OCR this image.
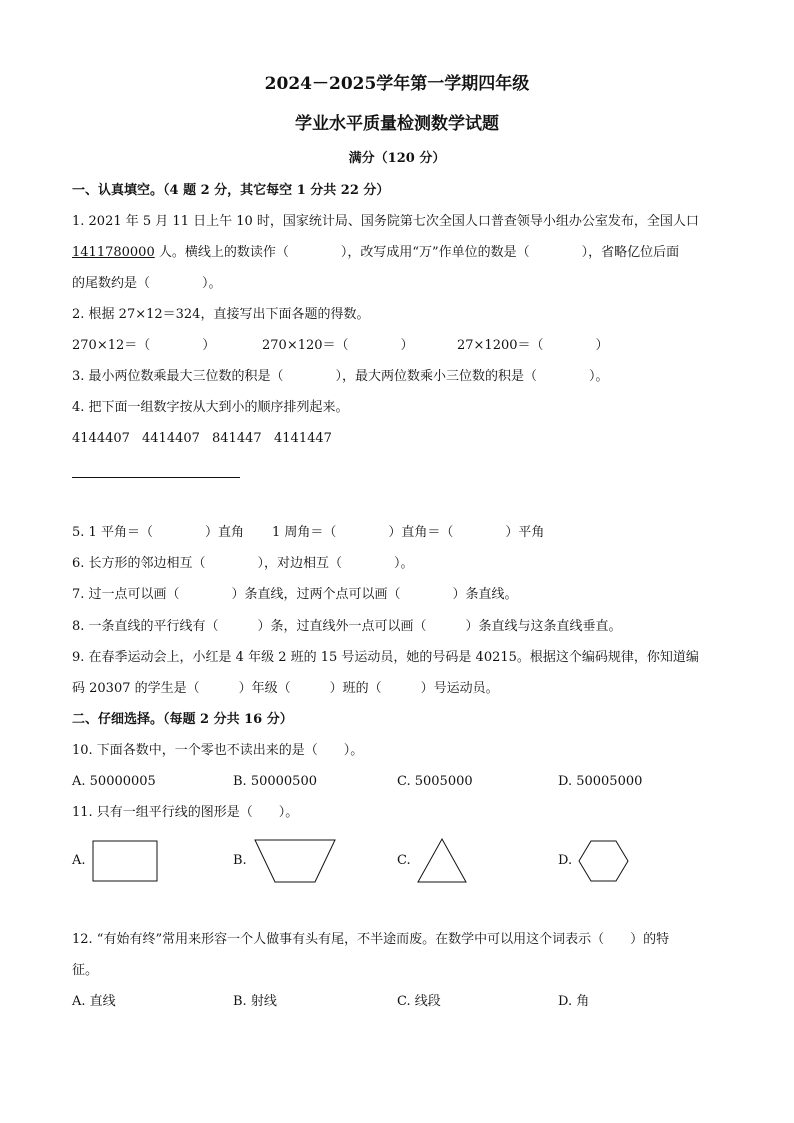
2024－2025学年第一学期四年级
学业水平质量检测数学试题
满分（120 分）
一、认真填空。（4 题 2 分，其它每空 1 分共 22 分）
1. 2021 年 5 月 11 日上午 10 时，国家统计局、国务院第七次全国人口普查领导小组办公室发布，全国人口
1411780000 人。横线上的数读作（　　　　），改写成用“万”作单位的数是（　　　　），省略亿位后面
的尾数约是（　　　　）。
2. 根据 27×12＝324，直接写出下面各题的得数。
270×12＝（　　　　）	270×120＝（　　　　）	27×1200＝（　　　　）
3. 最小两位数乘最大三位数的积是（　　　　），最大两位数乘小三位数的积是（　　　　）。
4. 把下面一组数字按从大到小的顺序排列起来。
4144407 4414407 841447 4141447
5. 1 平角＝（　　　　）直角 1 周角＝（　　　　）直角＝（　　　　）平角
6. 长方形的邻边相互（　　　　），对边相互（　　　　）。
7. 过一点可以画（　　　　）条直线，过两个点可以画（　　　　）条直线。
8. 一条直线的平行线有（　　　）条，过直线外一点可以画（　　　）条直线与这条直线垂直。
9. 在春季运动会上，小红是 4 年级 2 班的 15 号运动员，她的号码是 40215。根据这个编码规律，你知道编
码 20307 的学生是（　　　）年级（　　　）班的（　　　）号运动员。
二、仔细选择。（每题 2 分共 16 分）
10. 下面各数中，一个零也不读出来的是（　　）。
A. 50000005	B. 50000500	C. 5005000	D. 50005000
11. 只有一组平行线的图形是（　　）。
A.	B.	C.	D.
12. “有始有终”常用来形容一个人做事有头有尾，不半途而废。在数学中可以用这个词表示（　　）的特
征。
A. 直线	B. 射线	C. 线段	D. 角
